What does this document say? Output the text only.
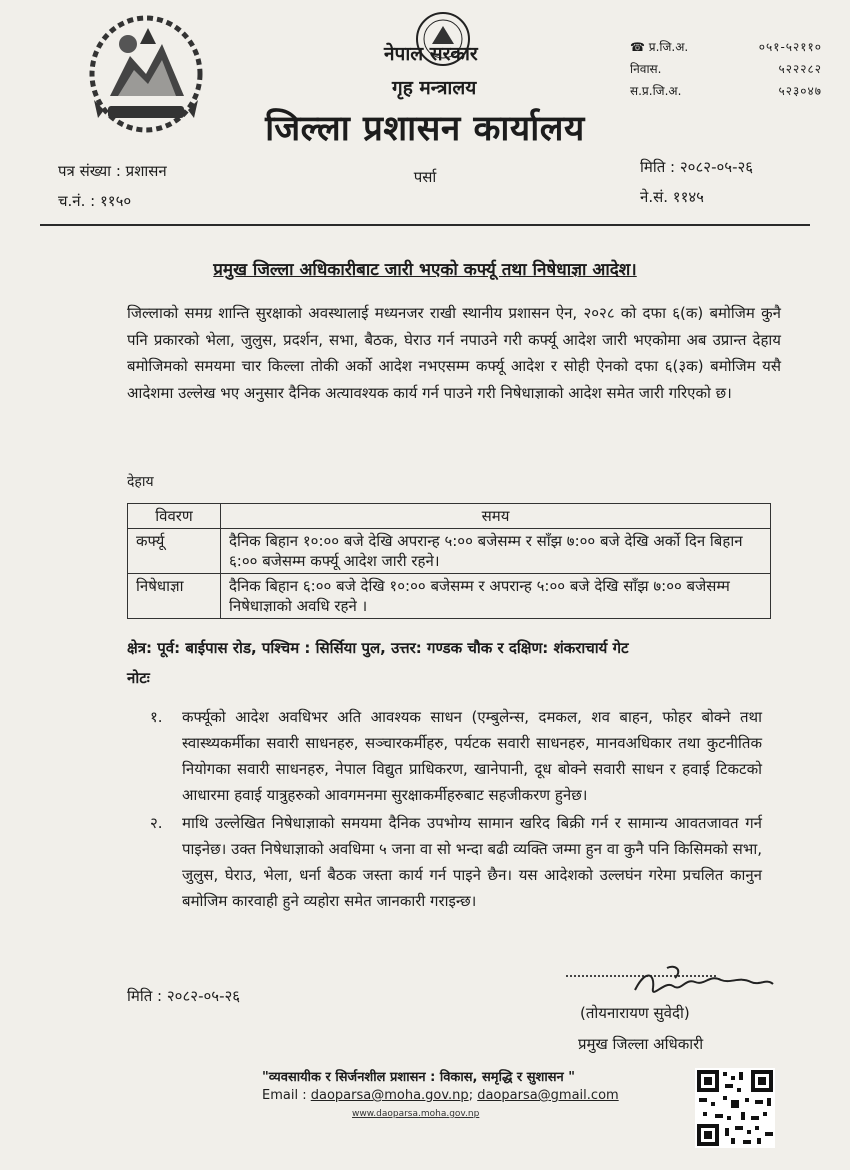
नेपाल सरकार
गृह मन्त्रालय
☎ प्र.जि.अ.	०५१-५२११०
निवास.	५२२२८२
स.प्र.जि.अ.	५२३०४७
जिल्ला प्रशासन कार्यालय
पत्र संख्या : प्रशासन
च.नं. : ११५०
पर्सा
मिति : २०८२-०५-२६
ने.सं. ११४५
प्रमुख जिल्ला अधिकारीबाट जारी भएको कर्फ्यू तथा निषेधाज्ञा आदेश।
जिल्लाको समग्र शान्ति सुरक्षाको अवस्थालाई मध्यनजर राखी स्थानीय प्रशासन ऐन, २०२८ को दफा ६(क) बमोजिम कुनै पनि प्रकारको भेला, जुलुस, प्रदर्शन, सभा, बैठक, घेराउ गर्न नपाउने गरी कर्फ्यू आदेश जारी भएकोमा अब उप्रान्त देहाय बमोजिमको समयमा चार किल्ला तोकी अर्को आदेश नभएसम्म कर्फ्यू आदेश र सोही ऐनको दफा ६(३क) बमोजिम यसै आदेशमा उल्लेख भए अनुसार दैनिक अत्यावश्यक कार्य गर्न पाउने गरी निषेधाज्ञाको आदेश समेत जारी गरिएको छ।
देहाय
विवरण	समय
कर्फ्यू	दैनिक बिहान १०:०० बजे देखि अपरान्ह ५:०० बजेसम्म र साँझ ७:०० बजे देखि अर्को दिन बिहान ६:०० बजेसम्म कर्फ्यू आदेश जारी रहने।
निषेधाज्ञा	दैनिक बिहान ६:०० बजे देखि १०:०० बजेसम्म र अपरान्ह ५:०० बजे देखि साँझ ७:०० बजेसम्म निषेधाज्ञाको अवधि रहने ।
क्षेत्र: पूर्व: बाईपास रोड, पश्चिम : सिर्सिया पुल, उत्तर: गण्डक चौक र दक्षिण: शंकराचार्य गेट
नोटः
१.	कर्फ्यूको आदेश अवधिभर अति आवश्यक साधन (एम्बुलेन्स, दमकल, शव बाहन, फोहर बोक्ने तथा स्वास्थ्यकर्मीका सवारी साधनहरु, सञ्चारकर्मीहरु, पर्यटक सवारी साधनहरु, मानवअधिकार तथा कुटनीतिक नियोगका सवारी साधनहरु, नेपाल विद्युत प्राधिकरण, खानेपानी, दूध बोक्ने सवारी साधन र हवाई टिकटको आधारमा हवाई यात्रुहरुको आवगमनमा सुरक्षाकर्मीहरुबाट सहजीकरण हुनेछ।
२.	माथि उल्लेखित निषेधाज्ञाको समयमा दैनिक उपभोग्य सामान खरिद बिक्री गर्न र सामान्य आवतजावत गर्न पाइनेछ। उक्त निषेधाज्ञाको अवधिमा ५ जना वा सो भन्दा बढी व्यक्ति जम्मा हुन वा कुनै पनि किसिमको सभा, जुलुस, घेराउ, भेला, धर्ना बैठक जस्ता कार्य गर्न पाइने छैन। यस आदेशको उल्लघंन गरेमा प्रचलित कानुन बमोजिम कारवाही हुने व्यहोरा समेत जानकारी गराइन्छ।
मिति : २०८२-०५-२६
(तोयनारायण सुवेदी)
प्रमुख जिल्ला अधिकारी
"व्यवसायीक र सिर्जनशील प्रशासन : विकास, समृद्धि र सुशासन "
Email : daoparsa@moha.gov.np; daoparsa@gmail.com
www.daoparsa.moha.gov.np
